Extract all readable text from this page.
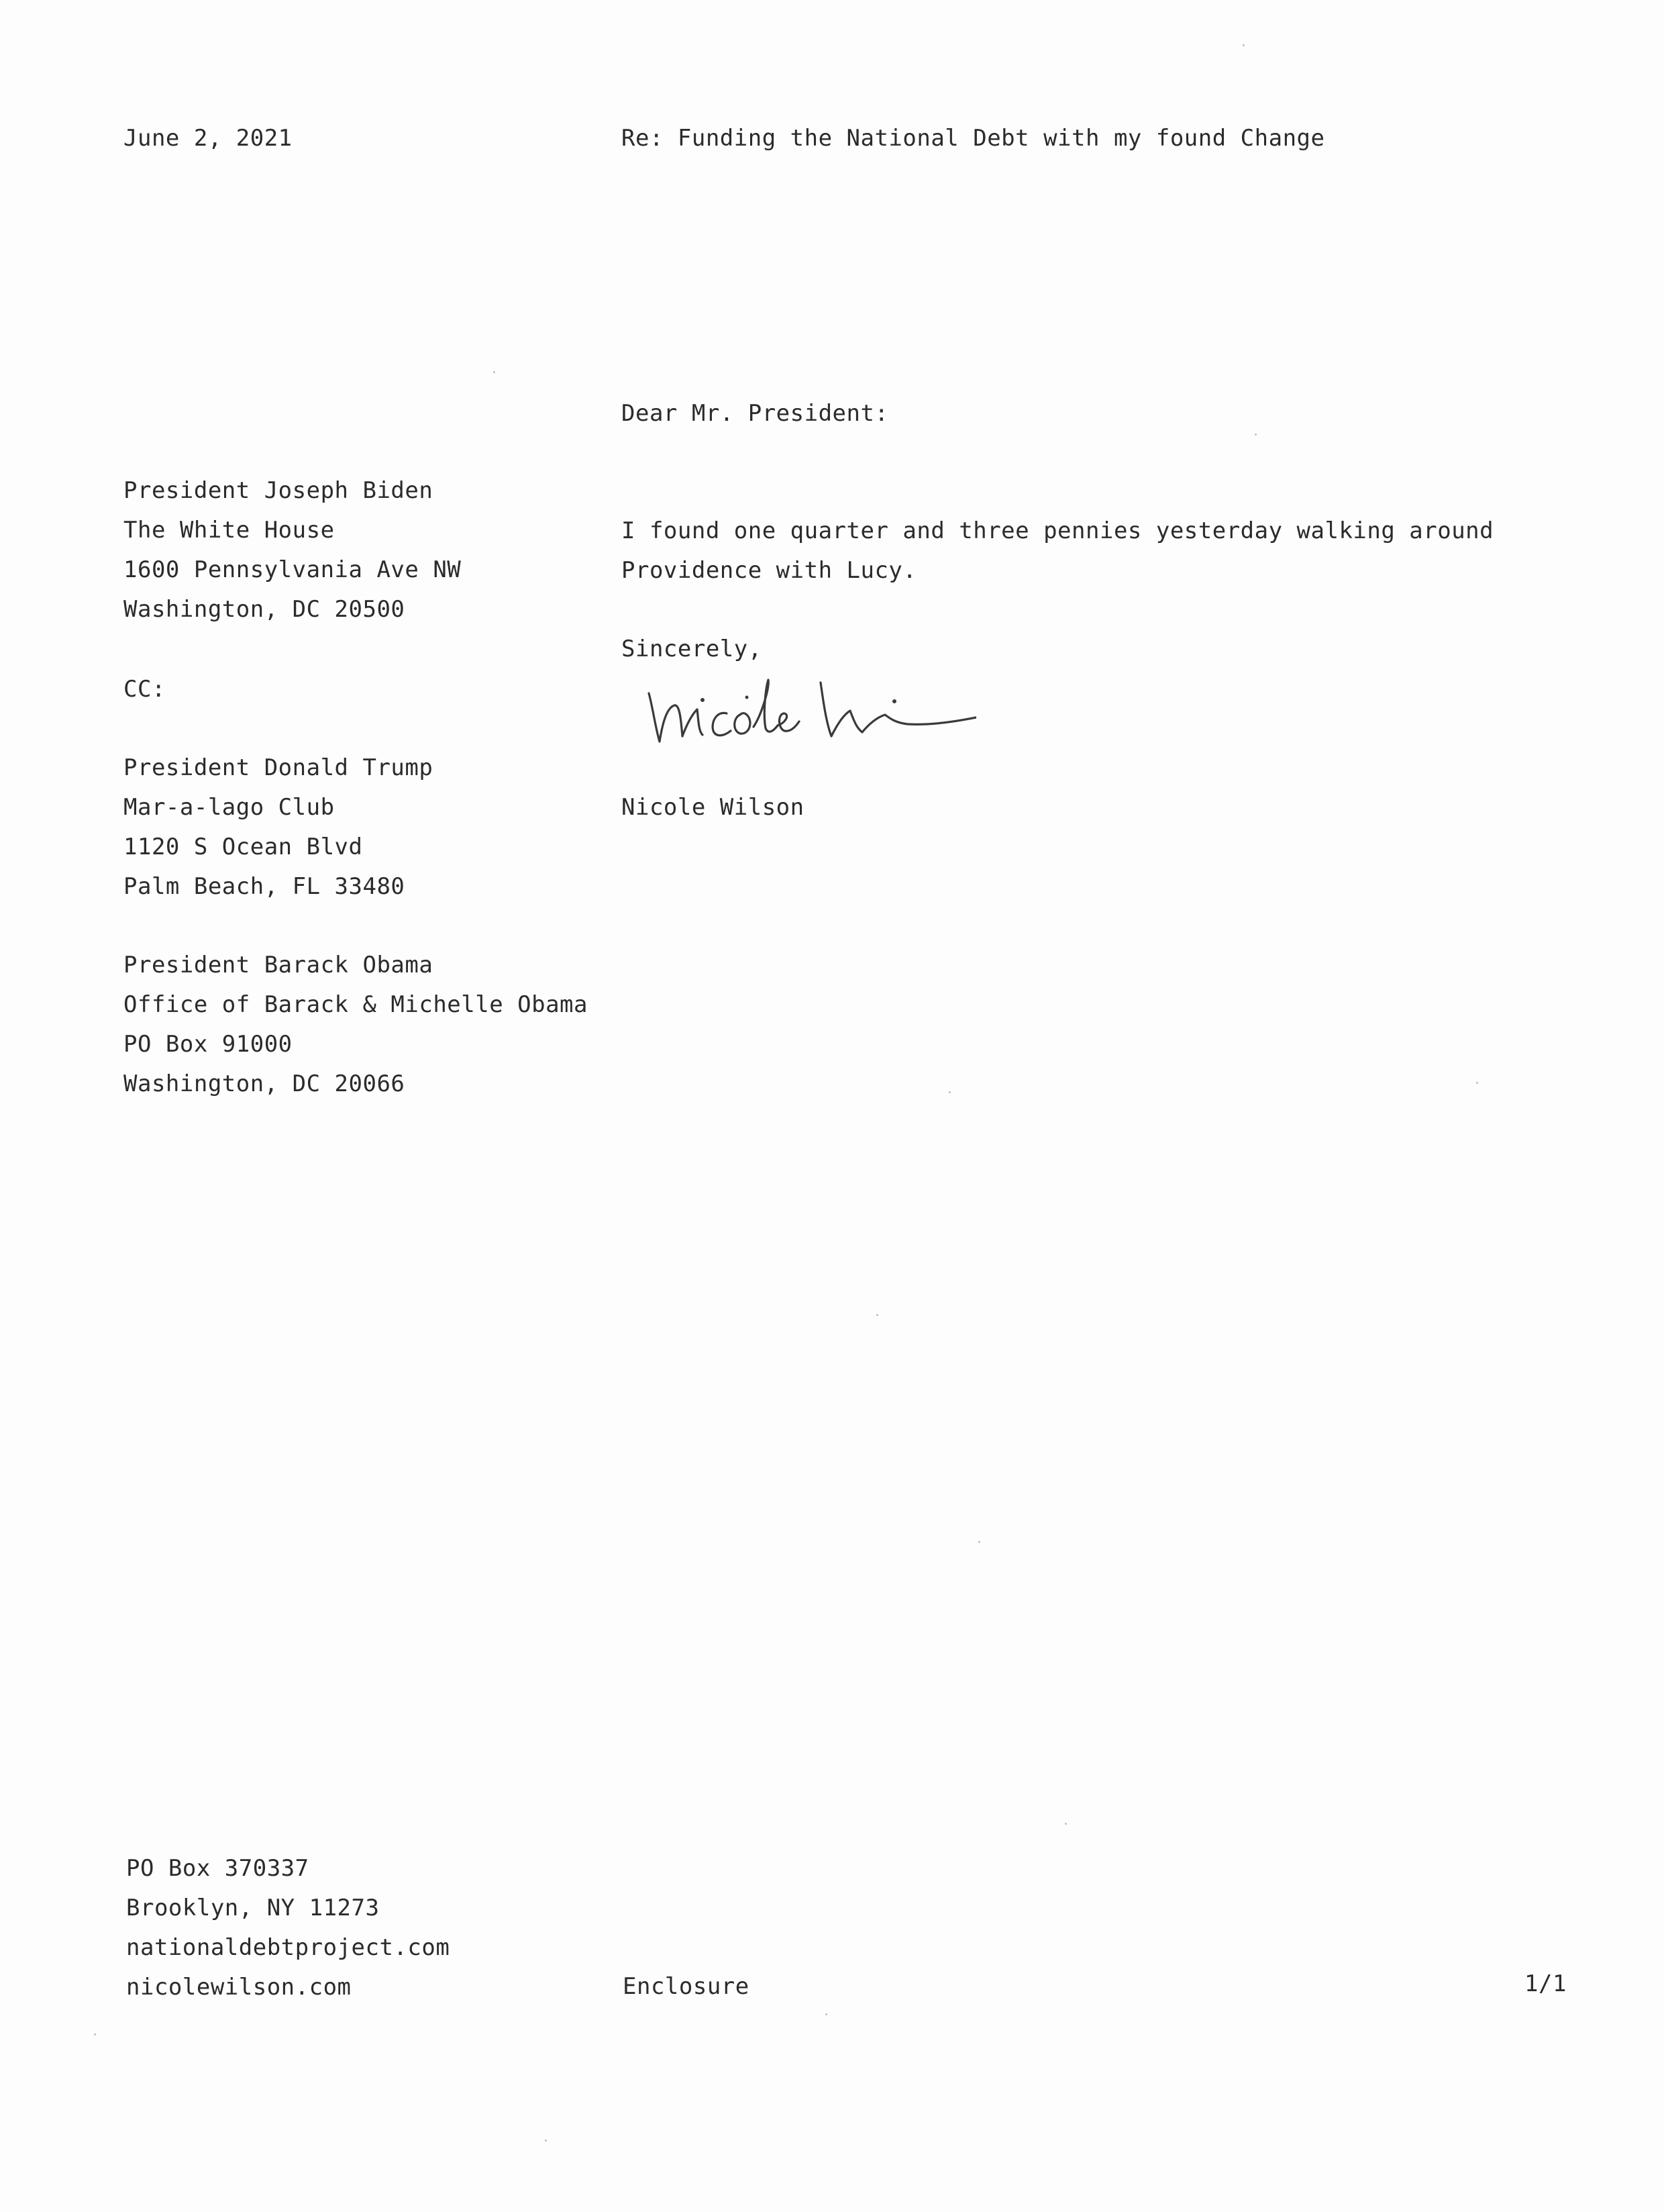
June 2, 2021	Re: Funding the National Debt with my found Change
Dear Mr. President:
President Joseph Biden
The White House
1600 Pennsylvania Ave NW
Washington, DC 20500
I found one quarter and three pennies yesterday walking around
Providence with Lucy.
Sincerely,
CC:
Nicole Wilson
President Donald Trump
Mar-a-lago Club
1120 S Ocean Blvd
Palm Beach, FL 33480
President Barack Obama
Office of Barack & Michelle Obama
PO Box 91000
Washington, DC 20066
PO Box 370337
Brooklyn, NY 11273
nationaldebtproject.com
nicolewilson.com	Enclosure	1/1
